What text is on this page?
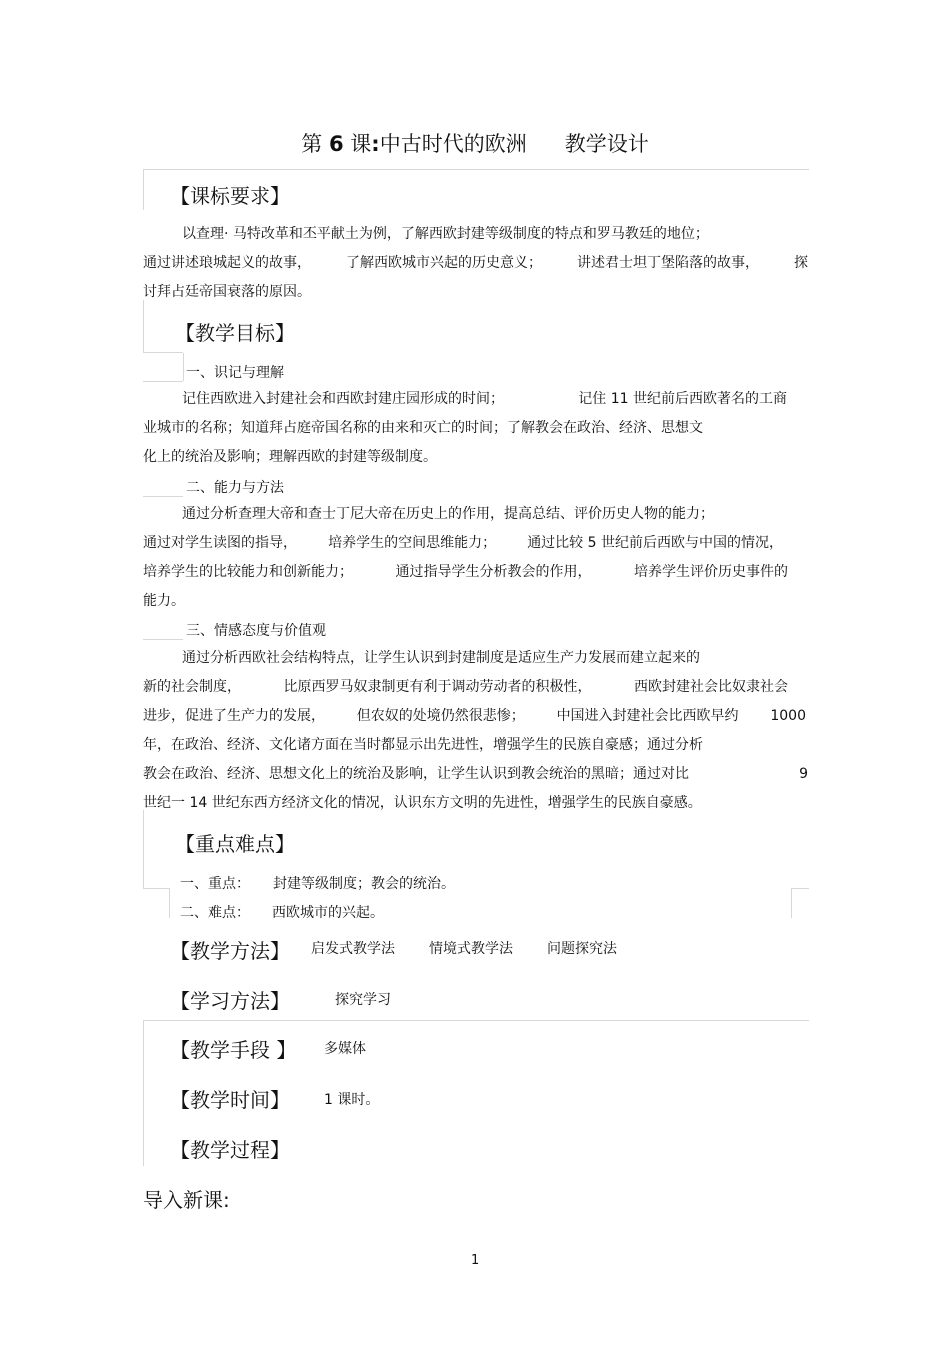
第 6 课:中古时代的欧洲 教学设计
【课标要求】
以查理· 马特改革和丕平献土为例，了解西欧封建等级制度的特点和罗马教廷的地位；
通过讲述琅城起义的故事，	了解西欧城市兴起的历史意义；	讲述君士坦丁堡陷落的故事，	探
讨拜占廷帝国衰落的原因。
【教学目标】
一、识记与理解
记住西欧进入封建社会和西欧封建庄园形成的时间；	记住 11 世纪前后西欧著名的工商
业城市的名称；知道拜占庭帝国名称的由来和灭亡的时间；了解教会在政治、经济、思想文
化上的统治及影响；理解西欧的封建等级制度。
二、能力与方法
通过分析查理大帝和查士丁尼大帝在历史上的作用，提高总结、评价历史人物的能力；
通过对学生读图的指导， 培养学生的空间思维能力； 通过比较 5 世纪前后西欧与中国的情况，
培养学生的比较能力和创新能力；	通过指导学生分析教会的作用，	培养学生评价历史事件的
能力。
三、情感态度与价值观
通过分析西欧社会结构特点，让学生认识到封建制度是适应生产力发展而建立起来的
新的社会制度，	比原西罗马奴隶制更有利于调动劳动者的积极性，	西欧封建社会比奴隶社会
进步，促进了生产力的发展， 但农奴的处境仍然很悲惨； 中国进入封建社会比西欧早约 1000
年，在政治、经济、文化诸方面在当时都显示出先进性，增强学生的民族自豪感；通过分析
教会在政治、经济、思想文化上的统治及影响，让学生认识到教会统治的黑暗；通过对比	9
世纪一 14 世纪东西方经济文化的情况，认识东方文明的先进性，增强学生的民族自豪感。
【重点难点】
一、重点： 封建等级制度；教会的统治。
二、难点： 西欧城市的兴起。
【教学方法】 启发式教学法 情境式教学法 问题探究法
【学习方法】	探究学习
【教学手段 】 多媒体
【教学时间】 1 课时。
【教学过程】
导入新课:
1
